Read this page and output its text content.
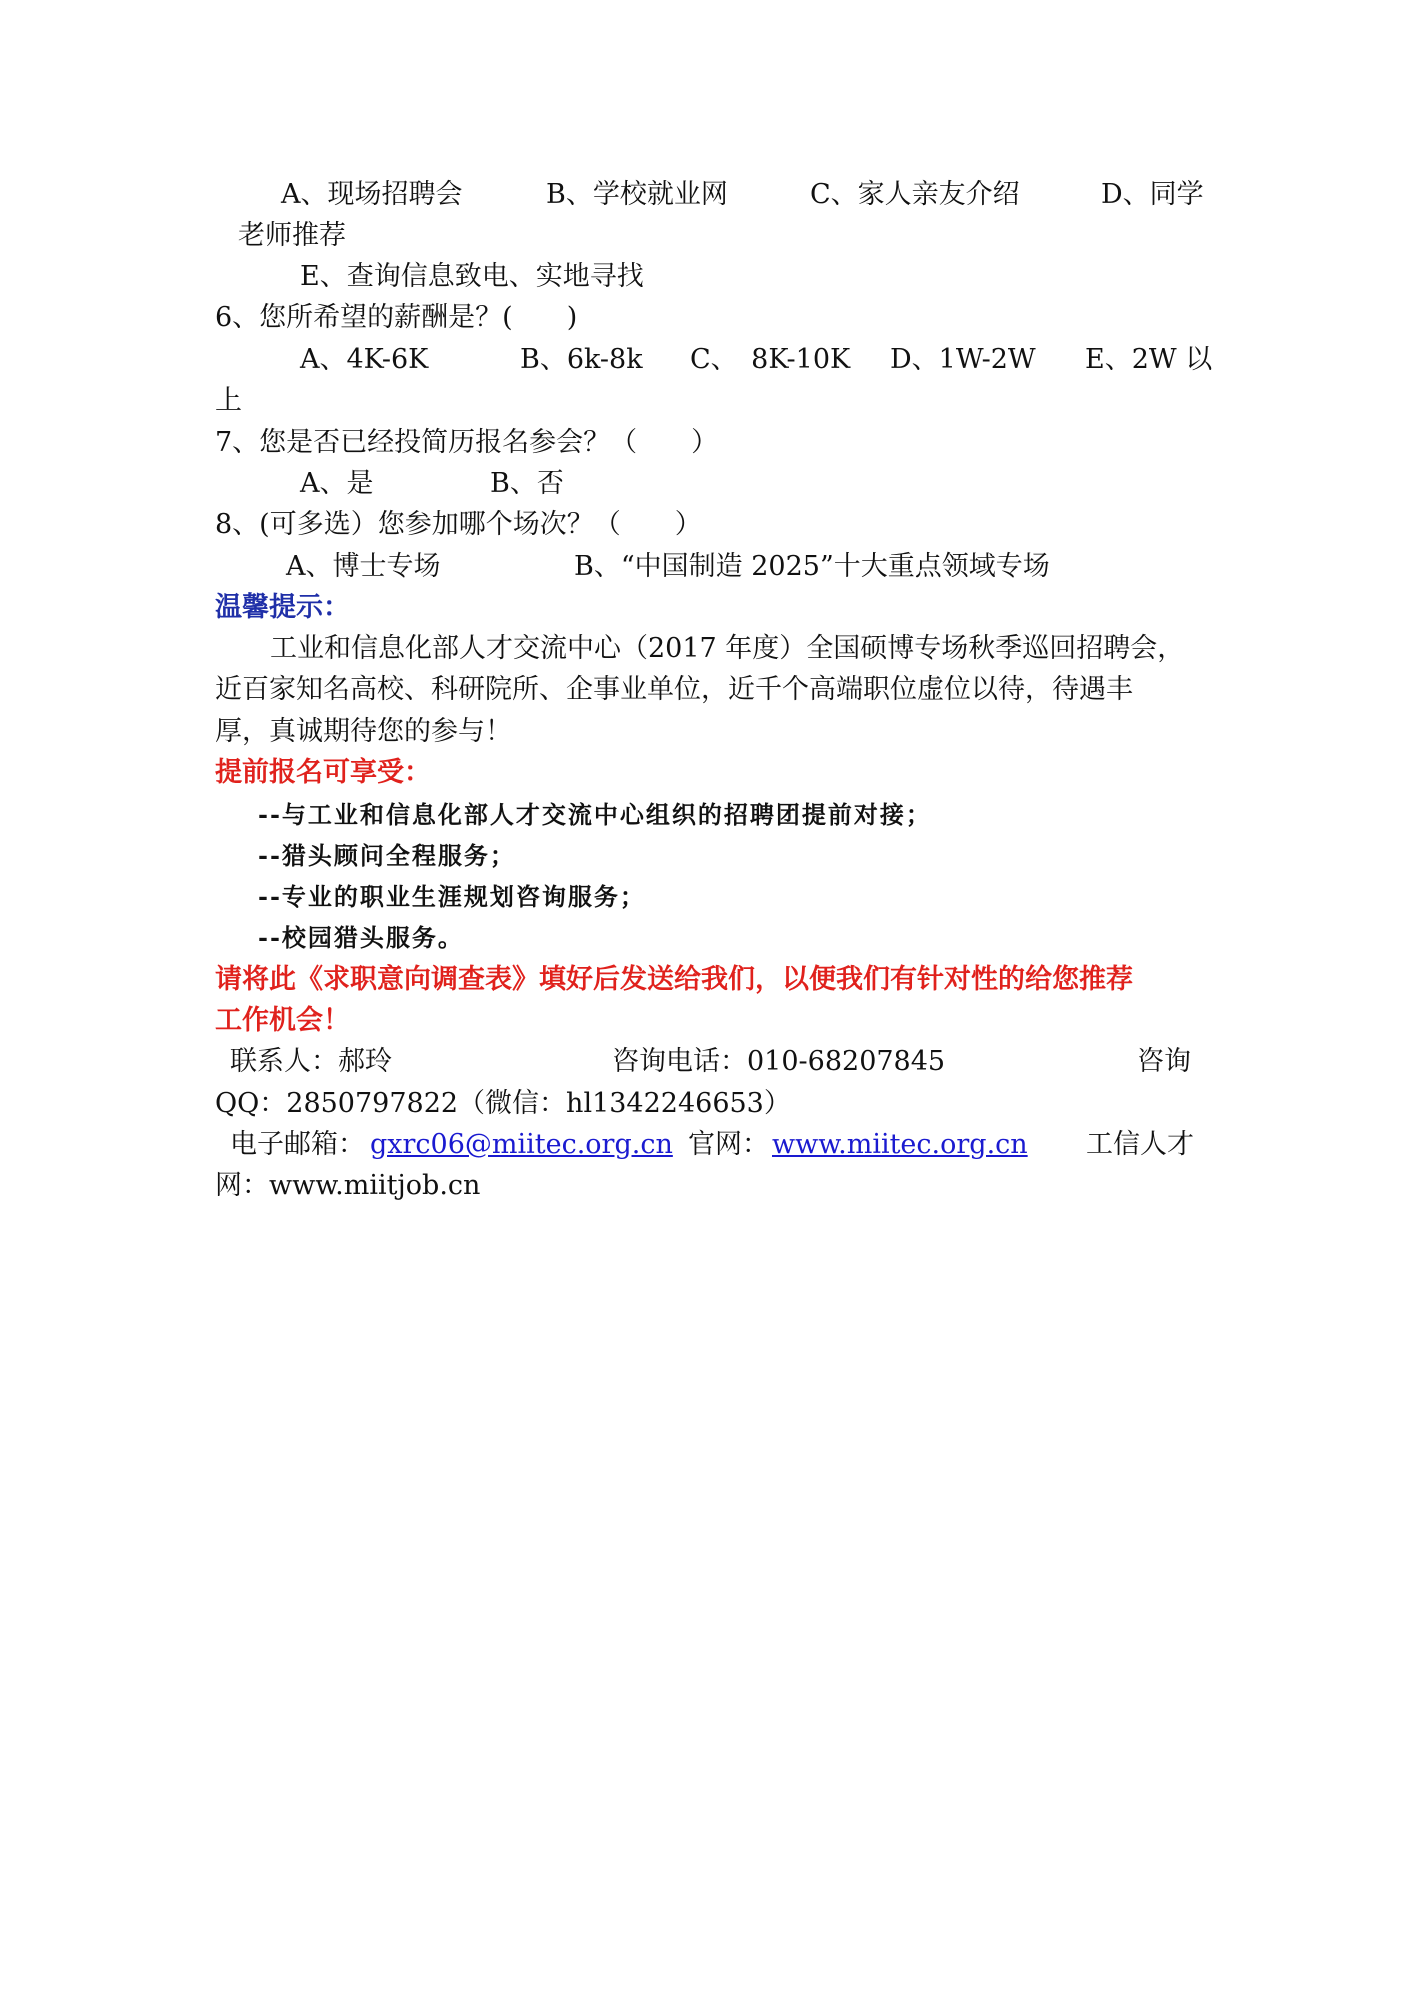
A、现场招聘会	B、学校就业网	C、家人亲友介绍	D、同学
老师推荐
E、查询信息致电、实地寻找
6、您所希望的薪酬是？(　　)
A、4K-6K	B、6k-8k C、　8K-10K D、1W-2W E、2W 以
上
7、您是否已经投简历报名参会？（　　）
A、是	B、否
8、(可多选）您参加哪个场次？（　　）
A、博士专场	B、“中国制造 2025”十大重点领域专场
温馨提示：
工业和信息化部人才交流中心（2017 年度）全国硕博专场秋季巡回招聘会，
近百家知名高校、科研院所、企事业单位，近千个高端职位虚位以待，待遇丰
厚，真诚期待您的参与！
提前报名可享受：
--与工业和信息化部人才交流中心组织的招聘团提前对接；
--猎头顾问全程服务；
--专业的职业生涯规划咨询服务；
--校园猎头服务。
请将此《求职意向调查表》填好后发送给我们，以便我们有针对性的给您推荐
工作机会！
联系人：郝玲	咨询电话：010-68207845	咨询
QQ：2850797822（微信：hl1342246653）
电子邮箱： gxrc06@miitec.org.cn 官网： www.miitec.org.cn 工信人才
网：www.miitjob.cn
